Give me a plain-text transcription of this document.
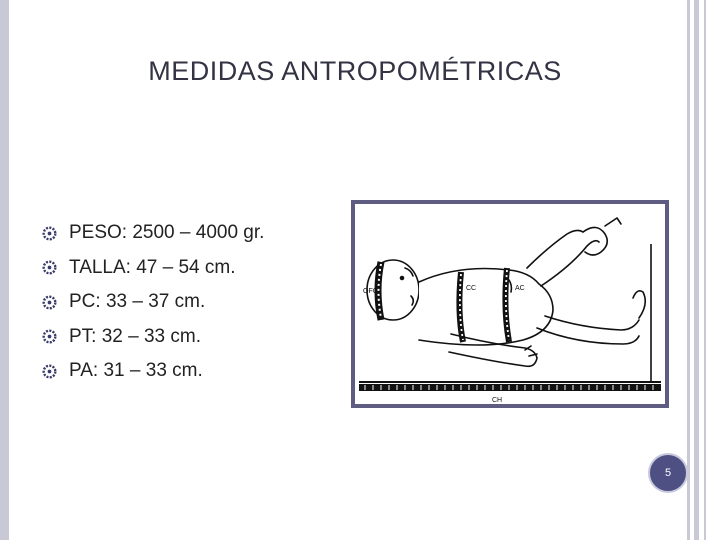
MEDIDAS ANTROPOMÉTRICAS
PESO: 2500 – 4000 gr.
TALLA: 47 – 54 cm.
PC: 33 – 37 cm.
PT: 32 – 33 cm.
PA: 31 – 33 cm.
OFC	CC	AC
CH
5
